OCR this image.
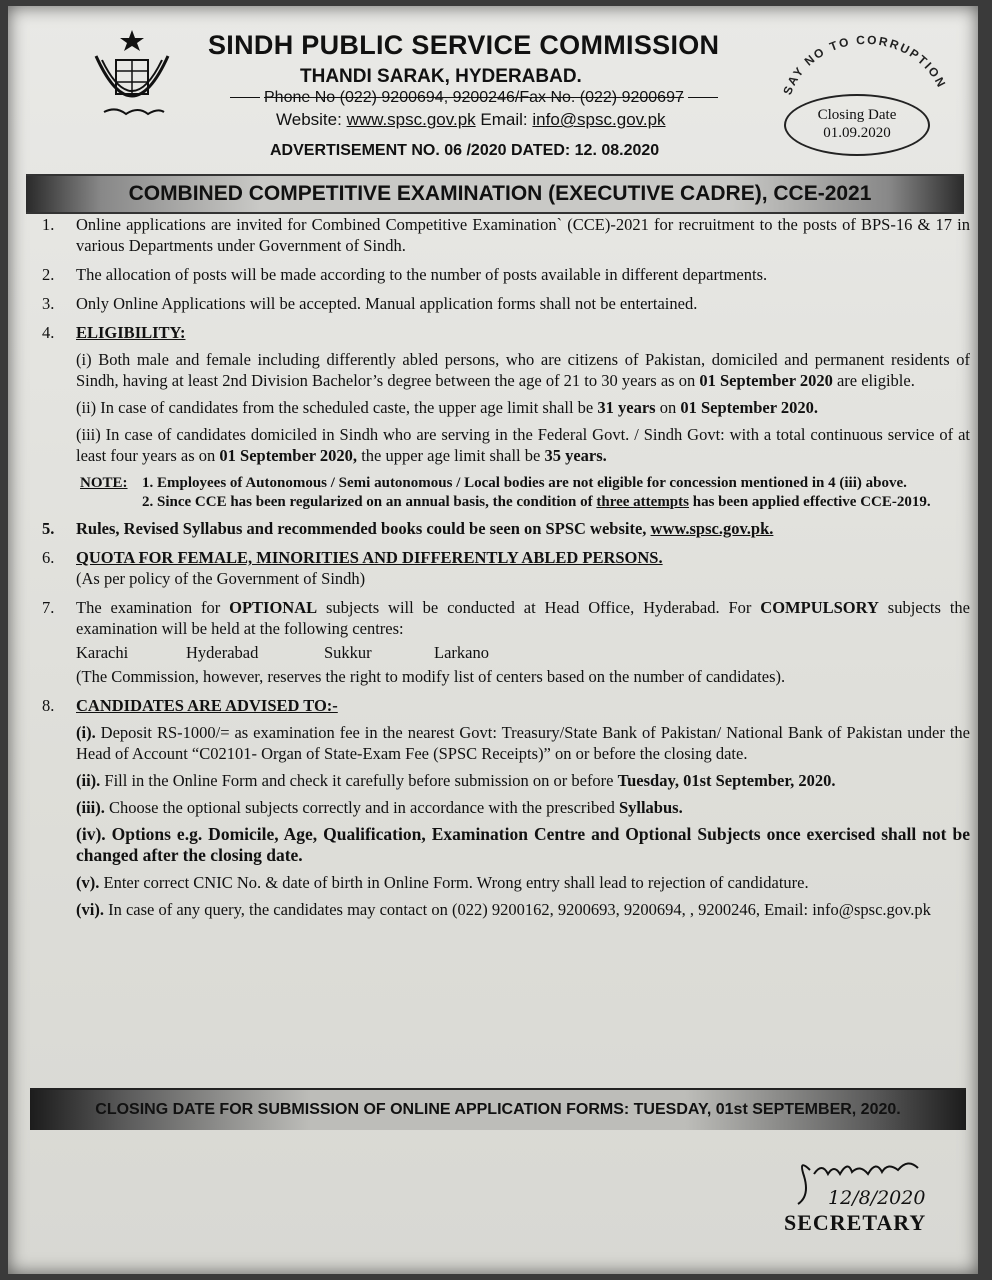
SINDH PUBLIC SERVICE COMMISSION
THANDI SARAK, HYDERABAD.
Phone No (022) 9200694, 9200246/Fax No. (022) 9200697
Website: www.spsc.gov.pk Email: info@spsc.gov.pk
ADVERTISEMENT NO. 06 /2020 DATED: 12. 08.2020
SAY NO TO CORRUPTION
Closing Date
01.09.2020
COMBINED COMPETITIVE EXAMINATION (EXECUTIVE CADRE), CCE-2021
1. Online applications are invited for Combined Competitive Examination` (CCE)-2021 for recruitment to the posts of BPS-16 & 17 in various Departments under Government of Sindh.
2. The allocation of posts will be made according to the number of posts available in different departments.
3. Only Online Applications will be accepted. Manual application forms shall not be entertained.
4. ELIGIBILITY:
(i) Both male and female including differently abled persons, who are citizens of Pakistan, domiciled and permanent residents of Sindh, having at least 2nd Division Bachelor’s degree between the age of 21 to 30 years as on 01 September 2020 are eligible.
(ii) In case of candidates from the scheduled caste, the upper age limit shall be 31 years on 01 September 2020.
(iii) In case of candidates domiciled in Sindh who are serving in the Federal Govt. / Sindh Govt: with a total continuous service of at least four years as on 01 September 2020, the upper age limit shall be 35 years.
NOTE: 1. Employees of Autonomous / Semi autonomous / Local bodies are not eligible for concession mentioned in 4 (iii) above.
2. Since CCE has been regularized on an annual basis, the condition of three attempts has been applied effective CCE-2019.
5. Rules, Revised Syllabus and recommended books could be seen on SPSC website, www.spsc.gov.pk.
6. QUOTA FOR FEMALE, MINORITIES AND DIFFERENTLY ABLED PERSONS.
(As per policy of the Government of Sindh)
7. The examination for OPTIONAL subjects will be conducted at Head Office, Hyderabad. For COMPULSORY subjects the examination will be held at the following centres:
Karachi	Hyderabad	Sukkur	Larkano
(The Commission, however, reserves the right to modify list of centers based on the number of candidates).
8. CANDIDATES ARE ADVISED TO:-
(i). Deposit RS-1000/= as examination fee in the nearest Govt: Treasury/State Bank of Pakistan/ National Bank of Pakistan under the Head of Account “C02101- Organ of State-Exam Fee (SPSC Receipts)” on or before the closing date.
(ii). Fill in the Online Form and check it carefully before submission on or before Tuesday, 01st September, 2020.
(iii). Choose the optional subjects correctly and in accordance with the prescribed Syllabus.
(iv). Options e.g. Domicile, Age, Qualification, Examination Centre and Optional Subjects once exercised shall not be changed after the closing date.
(v). Enter correct CNIC No. & date of birth in Online Form. Wrong entry shall lead to rejection of candidature.
(vi). In case of any query, the candidates may contact on (022) 9200162, 9200693, 9200694, , 9200246, Email: info@spsc.gov.pk
CLOSING DATE FOR SUBMISSION OF ONLINE APPLICATION FORMS: TUESDAY, 01st SEPTEMBER, 2020.
12/8/2020
SECRETARY
